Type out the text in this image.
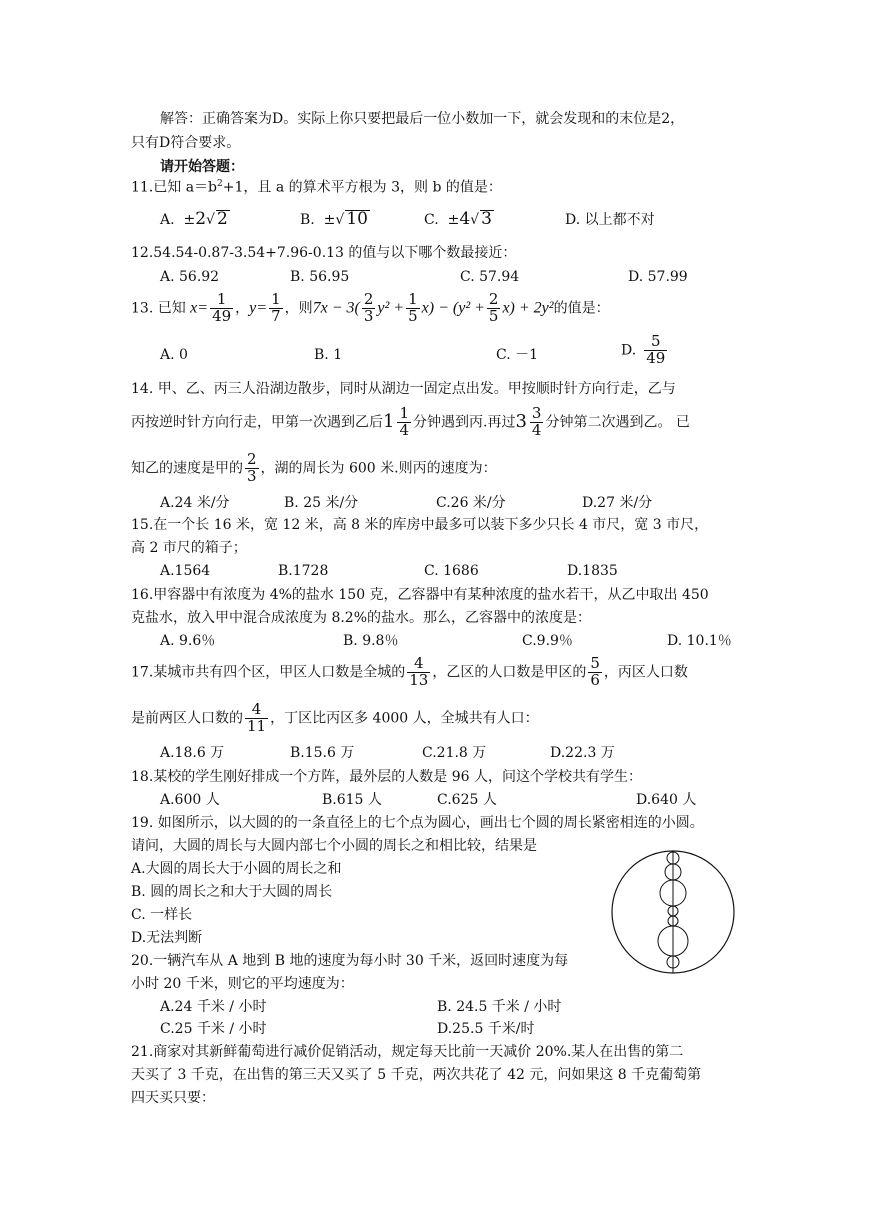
解答：正确答案为D。实际上你只要把最后一位小数加一下，就会发现和的末位是2，
只有D符合要求。
请开始答题：
11.已知 $a=b^2+1$，且 a 的算术平方根为 3，则 b 的值是：
A. ±2√ 2	B. ±√ 10	C. ±4√ 3	D. 以上都不对
12.54.54-0.87-3.54+7.96-0.13 的值与以下哪个数最接近：
A. 56.92	B. 56.95	C. 57.94	D. 57.99
13. 已知 $x= \frac{1}{49}$ ，$y= \frac{1}{7}$ ，则$7x - 3( \frac{2}{3} y^2 + \frac{1}{5} x) - (y^2 + \frac{2}{5} x) + 2y^2$的值是：
A. 0	B. 1	C. －1	D. $\frac{5}{49}$
14. 甲、乙、丙三人沿湖边散步，同时从湖边一固定点出发。甲按顺时针方向行走，乙与
丙按逆时针方向行走，甲第一次遇到乙后 1 1
4 分钟遇到丙.再过 3 3
4 分钟第二次遇到乙。 已
知乙的速度是甲的 $\frac{2}{3}$ ，湖的周长为 600 米.则丙的速度为：
A.24 米/分	B. 25 米/分	C.26 米/分	D.27 米/分
15.在一个长 16 米，宽 12 米，高 8 米的库房中最多可以装下多少只长 4 市尺，宽 3 市尺，
高 2 市尺的箱子；
A.1564	B.1728	C. 1686	D.1835
16.甲容器中有浓度为 4%的盐水 150 克，乙容器中有某种浓度的盐水若干，从乙中取出 450
克盐水，放入甲中混合成浓度为 8.2%的盐水。那么，乙容器中的浓度是：
A. 9.6％	B. 9.8％	C.9.9％	D. 10.1％
17.某城市共有四个区，甲区人口数是全城的 $\frac{4}{13}$ ，乙区的人口数是甲区的 $\frac{5}{6}$ ，丙区人口数
是前两区人口数的 $\frac{4}{11}$ ，丁区比丙区多 4000 人，全城共有人口：
A.18.6 万	B.15.6 万	C.21.8 万	D.22.3 万
18.某校的学生刚好排成一个方阵，最外层的人数是 96 人，问这个学校共有学生：
A.600 人	B.615 人	C.625 人	D.640 人
19. 如图所示，以大圆的的一条直径上的七个点为圆心，画出七个圆的周长紧密相连的小圆。
请问，大圆的周长与大圆内部七个小圆的周长之和相比较，结果是
A.大圆的周长大于小圆的周长之和
B. 圆的周长之和大于大圆的周长
C. 一样长
D.无法判断
20.一辆汽车从 A 地到 B 地的速度为每小时 30 千米，返回时速度为每
小时 20 千米，则它的平均速度为：
A.24 千米 / 小时	B. 24.5 千米 / 小时
C.25 千米 / 小时	D.25.5 千米/时
21.商家对其新鲜葡萄进行减价促销活动，规定每天比前一天减价 20%.某人在出售的第二
天买了 3 千克，在出售的第三天又买了 5 千克，两次共花了 42 元，问如果这 8 千克葡萄第
四天买只要：
